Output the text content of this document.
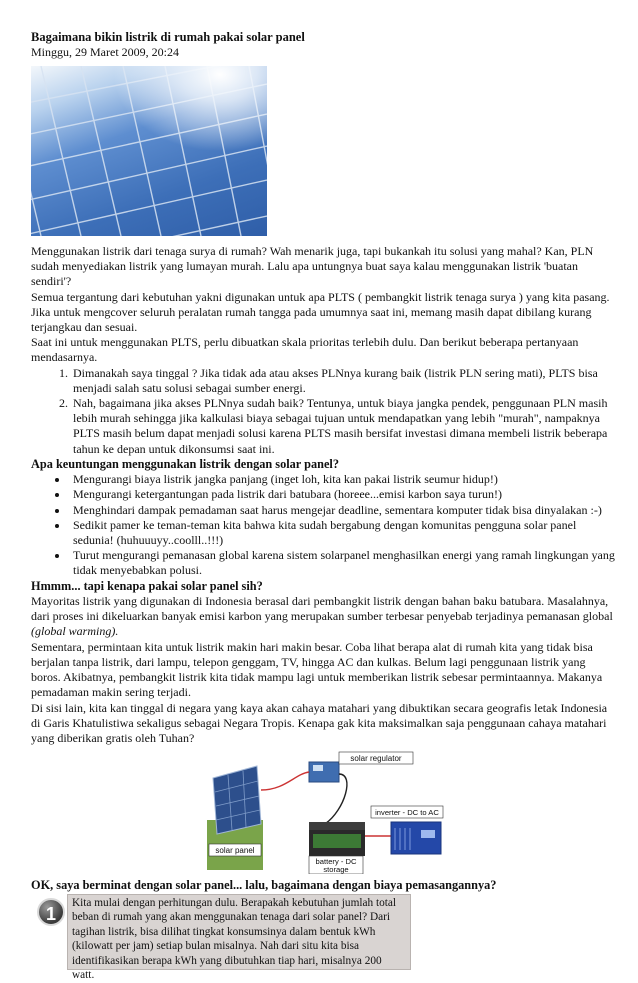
Bagaimana bikin listrik di rumah pakai solar panel

Minggu, 29 Maret 2009, 20:24

Menggunakan listrik dari tenaga surya di rumah? Wah menarik juga, tapi bukankah itu solusi yang mahal? Kan, PLN sudah menyediakan listrik yang lumayan murah. Lalu apa untungnya buat saya kalau menggunakan listrik 'buatan sendiri'?

Semua tergantung dari kebutuhan yakni digunakan untuk apa PLTS ( pembangkit listrik tenaga surya ) yang kita pasang. Jika untuk mengcover seluruh peralatan rumah tangga pada umumnya saat ini, memang masih dapat dibilang kurang terjangkau dan sesuai.

Saat ini untuk menggunakan PLTS, perlu dibuatkan skala prioritas terlebih dulu. Dan berikut beberapa pertanyaan mendasarnya.

1. Dimanakah saya tinggal ? Jika tidak ada atau akses PLNnya kurang baik (listrik PLN sering mati), PLTS bisa menjadi salah satu solusi sebagai sumber energi.
2. Nah, bagaimana jika akses PLNnya sudah baik? Tentunya, untuk biaya jangka pendek, penggunaan PLN masih lebih murah sehingga jika kalkulasi biaya sebagai tujuan untuk mendapatkan yang lebih "murah", nampaknya PLTS masih belum dapat menjadi solusi karena PLTS masih bersifat investasi dimana membeli listrik beberapa tahun ke depan untuk dikonsumsi saat ini.
Apa keuntungan menggunakan listrik dengan solar panel?
• Mengurangi biaya listrik jangka panjang (inget loh, kita kan pakai listrik seumur hidup!)
• Mengurangi ketergantungan pada listrik dari batubara (horeee...emisi karbon saya turun!)
• Menghindari dampak pemadaman saat harus mengejar deadline, sementara komputer tidak bisa dinyalakan :-)
• Sedikit pamer ke teman-teman kita bahwa kita sudah bergabung dengan komunitas pengguna solar panel sedunia! (huhuuuyy..coolll..!!!)
• Turut mengurangi pemanasan global karena sistem solarpanel menghasilkan energi yang ramah lingkungan yang tidak menyebabkan polusi.
Hmmm... tapi kenapa pakai solar panel sih?

Mayoritas listrik yang digunakan di Indonesia berasal dari pembangkit listrik dengan bahan baku batubara. Masalahnya, dari proses ini dikeluarkan banyak emisi karbon yang merupakan sumber terbesar penyebab terjadinya pemanasan global (global warming).

Sementara, permintaan kita untuk listrik makin hari makin besar. Coba lihat berapa alat di rumah kita yang tidak bisa berjalan tanpa listrik, dari lampu, telepon genggam, TV, hingga AC dan kulkas. Belum lagi penggunaan listrik yang boros. Akibatnya, pembangkit listrik kita tidak mampu lagi untuk memberikan listrik sebesar permintaannya. Makanya pemadaman makin sering terjadi.

Di sisi lain, kita kan tinggal di negara yang kaya akan cahaya matahari yang dibuktikan secara geografis letak Indonesia di Garis Khatulistiwa sekaligus sebagai Negara Tropis. Kenapa gak kita maksimalkan saja penggunaan cahaya matahari yang diberikan gratis oleh Tuhan?

solar regulator
solar panel
inverter - DC to AC
battery - DC
storage
OK, saya berminat dengan solar panel... lalu, bagaimana dengan biaya pemasangannya?
1
Kita mulai dengan perhitungan dulu. Berapakah kebutuhan jumlah total beban di rumah yang akan menggunakan tenaga dari solar panel? Dari tagihan listrik, bisa dilihat tingkat konsumsinya dalam bentuk kWh (kilowatt per jam) setiap bulan misalnya. Nah dari situ kita bisa identifikasikan berapa kWh yang dibutuhkan tiap hari, misalnya 200 watt.
